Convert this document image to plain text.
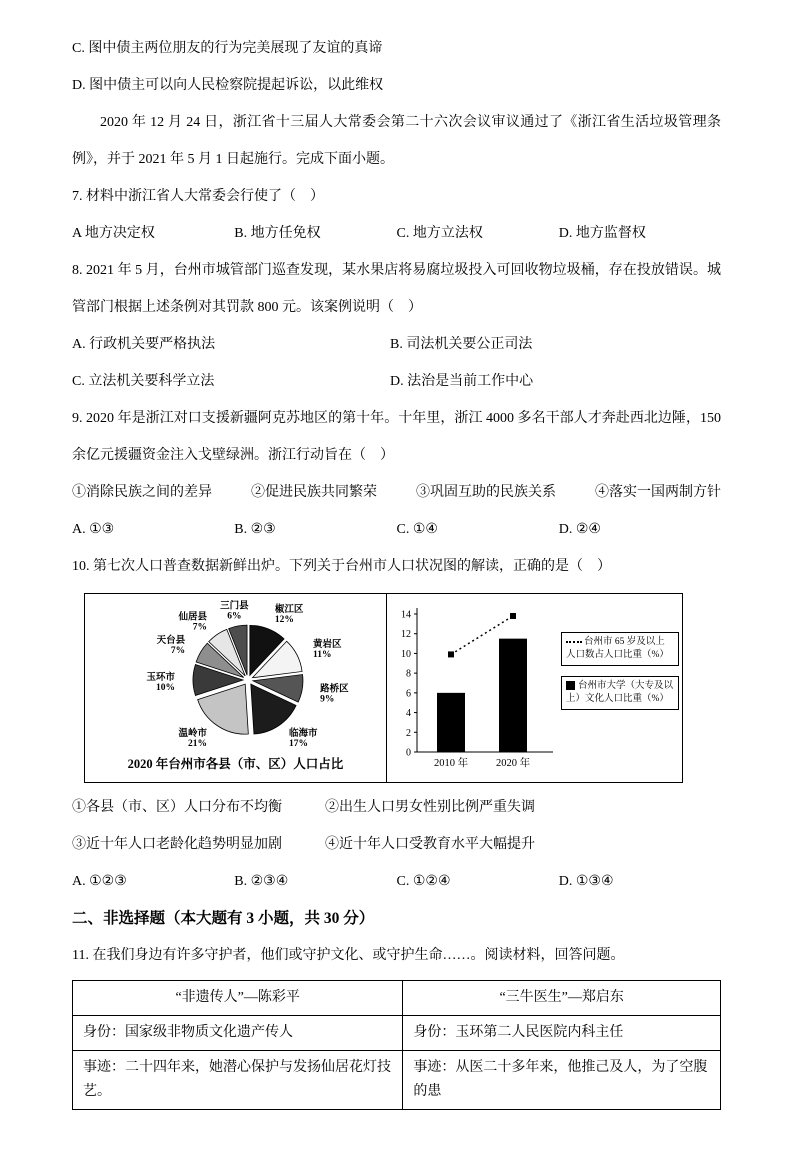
C. 图中债主两位朋友的行为完美展现了友谊的真谛

D. 图中债主可以向人民检察院提起诉讼，以此维权

2020 年 12 月 24 日，浙江省十三届人大常委会第二十六次会议审议通过了《浙江省生活垃圾管理条例》，并于 2021 年 5 月 1 日起施行。完成下面小题。

7. 材料中浙江省人大常委会行使了（　）

A 地方决定权	B. 地方任免权	C. 地方立法权	D. 地方监督权

8. 2021 年 5 月，台州市城管部门巡查发现，某水果店将易腐垃圾投入可回收物垃圾桶，存在投放错误。城管部门根据上述条例对其罚款 800 元。该案例说明（　）

A. 行政机关要严格执法	B. 司法机关要公正司法
C. 立法机关要科学立法	D. 法治是当前工作中心

9. 2020 年是浙江对口支援新疆阿克苏地区的第十年。十年里，浙江 4000 多名干部人才奔赴西北边陲，150 余亿元援疆资金注入戈壁绿洲。浙江行动旨在（　）

①消除民族之间的差异	②促进民族共同繁荣	③巩固互助的民族关系	④落实一国两制方针
A. ①③	B. ②③	C. ①④	D. ②④

10. 第七次人口普查数据新鲜出炉。下列关于台州市人口状况图的解读，正确的是（　）

椒江区 12%
黄岩区 11%
路桥区 9%
临海市 17%
温岭市 21%
玉环市 10%
天台县 7%
仙居县 7%
三门县 6%
2020 年台州市各县（市、区）人口占比
0
2
4
6
8
10
12
14
2010 年	2020 年
台州市 65 岁及以上人口数占人口比重（%）
台州市大学（大专及以上）文化人口比重（%）
①各县（市、区）人口分布不均衡	②出生人口男女性别比例严重失调
③近十年人口老龄化趋势明显加剧	④近十年人口受教育水平大幅提升
A. ①②③	B. ②③④	C. ①②④	D. ①③④

二、非选择题（本大题有 3 小题，共 30 分）

11. 在我们身边有许多守护者，他们或守护文化、或守护生命……。阅读材料，回答问题。

“非遗传人”—陈彩平	“三牛医生”—郑启东
身份：国家级非物质文化遗产传人	身份：玉环第二人民医院内科主任
事迹：二十四年来，她潜心保护与发扬仙居花灯技艺。	事迹：从医二十多年来，他推己及人，为了空腹的患
